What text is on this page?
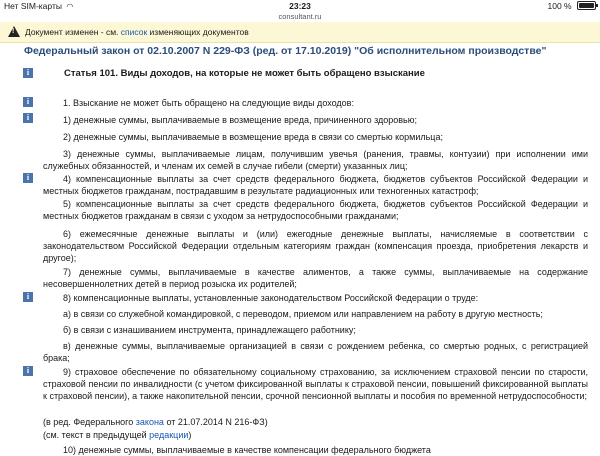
Нет SIM-карты ◠	23:23	100 %
consultant.ru
! Документ изменен - см. список изменяющих документов
Федеральный закон от 02.10.2007 N 229-ФЗ (ред. от 17.10.2019) "Об исполнительном производстве"
i
i
i
i
i
i
Статья 101. Виды доходов, на которые не может быть обращено взыскание
1. Взыскание не может быть обращено на следующие виды доходов:
1) денежные суммы, выплачиваемые в возмещение вреда, причиненного здоровью;
2) денежные суммы, выплачиваемые в возмещение вреда в связи со смертью кормильца;
3) денежные суммы, выплачиваемые лицам, получившим увечья (ранения, травмы, контузии) при исполнении ими служебных обязанностей, и членам их семей в случае гибели (смерти) указанных лиц;
4) компенсационные выплаты за счет средств федерального бюджета, бюджетов субъектов Российской Федерации и местных бюджетов гражданам, пострадавшим в результате радиационных или техногенных катастроф;
5) компенсационные выплаты за счет средств федерального бюджета, бюджетов субъектов Российской Федерации и местных бюджетов гражданам в связи с уходом за нетрудоспособными гражданами;
6) ежемесячные денежные выплаты и (или) ежегодные денежные выплаты, начисляемые в соответствии с законодательством Российской Федерации отдельным категориям граждан (компенсация проезда, приобретения лекарств и другое);
7) денежные суммы, выплачиваемые в качестве алиментов, а также суммы, выплачиваемые на содержание несовершеннолетних детей в период розыска их родителей;
8) компенсационные выплаты, установленные законодательством Российской Федерации о труде:
а) в связи со служебной командировкой, с переводом, приемом или направлением на работу в другую местность;
б) в связи с изнашиванием инструмента, принадлежащего работнику;
в) денежные суммы, выплачиваемые организацией в связи с рождением ребенка, со смертью родных, с регистрацией брака;
9) страховое обеспечение по обязательному социальному страхованию, за исключением страховой пенсии по старости, страховой пенсии по инвалидности (с учетом фиксированной выплаты к страховой пенсии, повышений фиксированной выплаты к страховой пенсии), а также накопительной пенсии, срочной пенсионной выплаты и пособия по временной нетрудоспособности;
(в ред. Федерального закона от 21.07.2014 N 216-ФЗ)
(см. текст в предыдущей редакции)
10) денежные суммы, выплачиваемые в качестве компенсации федерального бюджета
